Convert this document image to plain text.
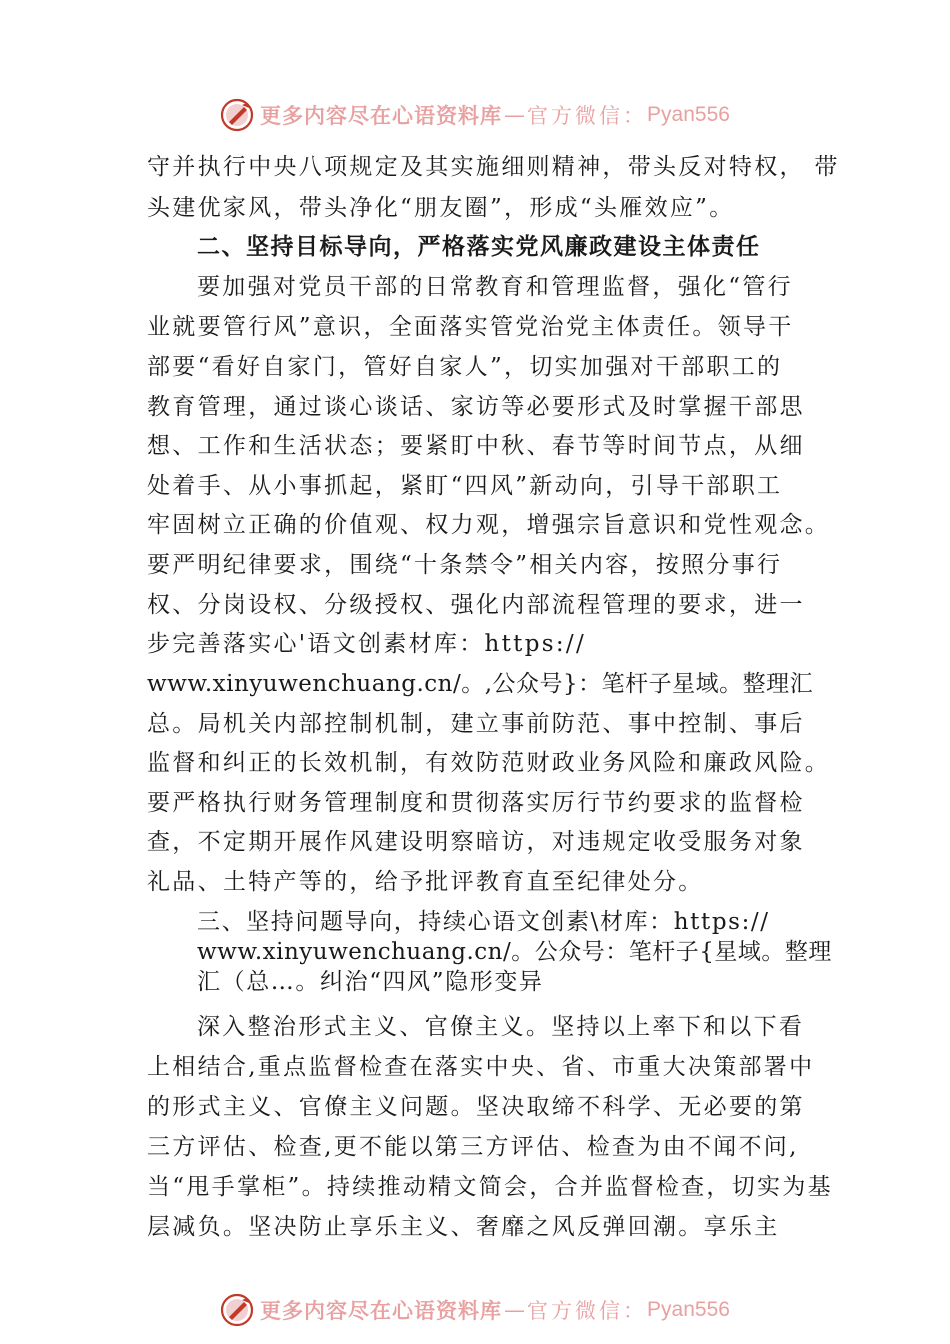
更多内容尽在心语资料库 — 官方微信： Pyan556
守并执行中央八项规定及其实施细则精神，带头反对特权， 带
头建优家风，带头净化“朋友圈”，形成“头雁效应”。
二、坚持目标导向，严格落实党风廉政建设主体责任
要加强对党员干部的日常教育和管理监督，强化“管行
业就要管行风”意识，全面落实管党治党主体责任。领导干
部要“看好自家门，管好自家人”，切实加强对干部职工的
教育管理，通过谈心谈话、家访等必要形式及时掌握干部思
想、工作和生活状态；要紧盯中秋、春节等时间节点，从细
处着手、从小事抓起，紧盯“四风”新动向，引导干部职工
牢固树立正确的价值观、权力观，增强宗旨意识和党性观念。
要严明纪律要求，围绕“十条禁令”相关内容，按照分事行
权、分岗设权、分级授权、强化内部流程管理的要求，进一
步完善落实心'语文创素材库：https://
www.xinyuwenchuang.cn/。,公众号}：笔杆子星域。整理汇
总。局机关内部控制机制，建立事前防范、事中控制、事后
监督和纠正的长效机制，有效防范财政业务风险和廉政风险。
要严格执行财务管理制度和贯彻落实厉行节约要求的监督检
查，不定期开展作风建设明察暗访，对违规定收受服务对象
礼品、土特产等的，给予批评教育直至纪律处分。
三、坚持问题导向，持续心语文创素\材库：https://
www.xinyuwenchuang.cn/。公众号：笔杆子{星域。整理
汇（总…。纠治“四风”隐形变异
深入整治形式主义、官僚主义。坚持以上率下和以下看
上相结合,重点监督检查在落实中央、省、市重大决策部署中
的形式主义、官僚主义问题。坚决取缔不科学、无必要的第
三方评估、检查,更不能以第三方评估、检查为由不闻不问,
当“甩手掌柜”。持续推动精文简会，合并监督检查，切实为基
层减负。坚决防止享乐主义、奢靡之风反弹回潮。享乐主
更多内容尽在心语资料库 — 官方微信： Pyan556
